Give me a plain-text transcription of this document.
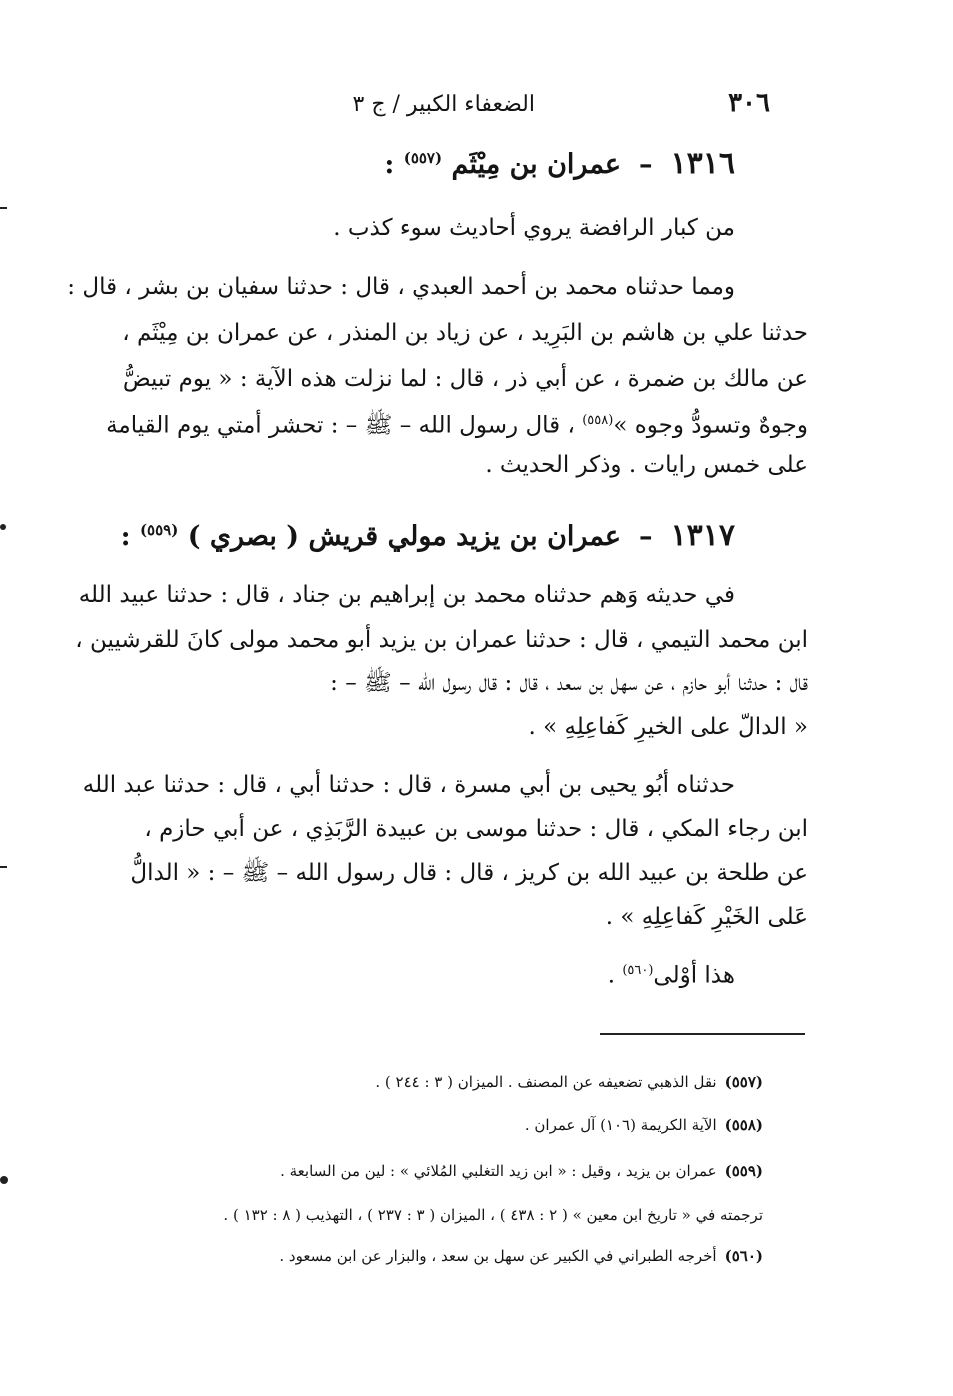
٣٠٦
الضعفاء الكبير / ج ٣
١٣١٦–عمران بن مِيْثَم $^{(٥٥٧)}$ :
من كبار الرافضة يروي أحاديث سوء كذب .
ومما حدثناه محمد بن أحمد العبدي ، قال : حدثنا سفيان بن بشر ، قال :
حدثنا علي بن هاشم بن البَرِيد ، عن زياد بن المنذر ، عن عمران بن مِيْثَم ،
عن مالك بن ضمرة ، عن أبي ذر ، قال : لما نزلت هذه الآية : « يوم تبيضُّ
وجوهٌ وتسودُّ وجوه »$^{(٥٥٨)}$ ، قال رسول الله – ﷺ – : تحشر أمتي يوم القيامة
على خمس رايات . وذكر الحديث .
١٣١٧–عمران بن يزيد مولي قريش ( بصري ) $^{(٥٥٩)}$ :
في حديثه وَهم حدثناه محمد بن إبراهيم بن جناد ، قال : حدثنا عبيد الله
ابن محمد التيمي ، قال : حدثنا عمران بن يزيد أبو محمد مولى كانَ للقرشيين ،
قال : حدثنا أبو حازم ، عن سهل بن سعد ، قال : قال رسول الله – ﷺ – :
« الدالّ على الخيرِ كَفاعِلِهِ » .
حدثناه أبُو يحيى بن أبي مسرة ، قال : حدثنا أبي ، قال : حدثنا عبد الله
ابن رجاء المكي ، قال : حدثنا موسى بن عبيدة الرَّبَذِي ، عن أبي حازم ،
عن طلحة بن عبيد الله بن كريز ، قال : قال رسول الله – ﷺ – : « الدالُّ
عَلى الخَيْرِ كَفاعِلِهِ » .
هذا أوْلى$^{(٥٦٠)}$ .
(٥٥٧)نقل الذهبي تضعيفه عن المصنف . الميزان ( ٣ : ٢٤٤ ) .
(٥٥٨)الآية الكريمة (١٠٦) آل عمران .
(٥٥٩)عمران بن يزيد ، وقيل : « ابن زيد التغلبي المُلائي » : لين من السابعة .
ترجمته في « تاريخ ابن معين » ( ٢ : ٤٣٨ ) ، الميزان ( ٣ : ٢٣٧ ) ، التهذيب ( ٨ : ١٣٢ ) .
(٥٦٠)أخرجه الطبراني في الكبير عن سهل بن سعد ، والبزار عن ابن مسعود .
